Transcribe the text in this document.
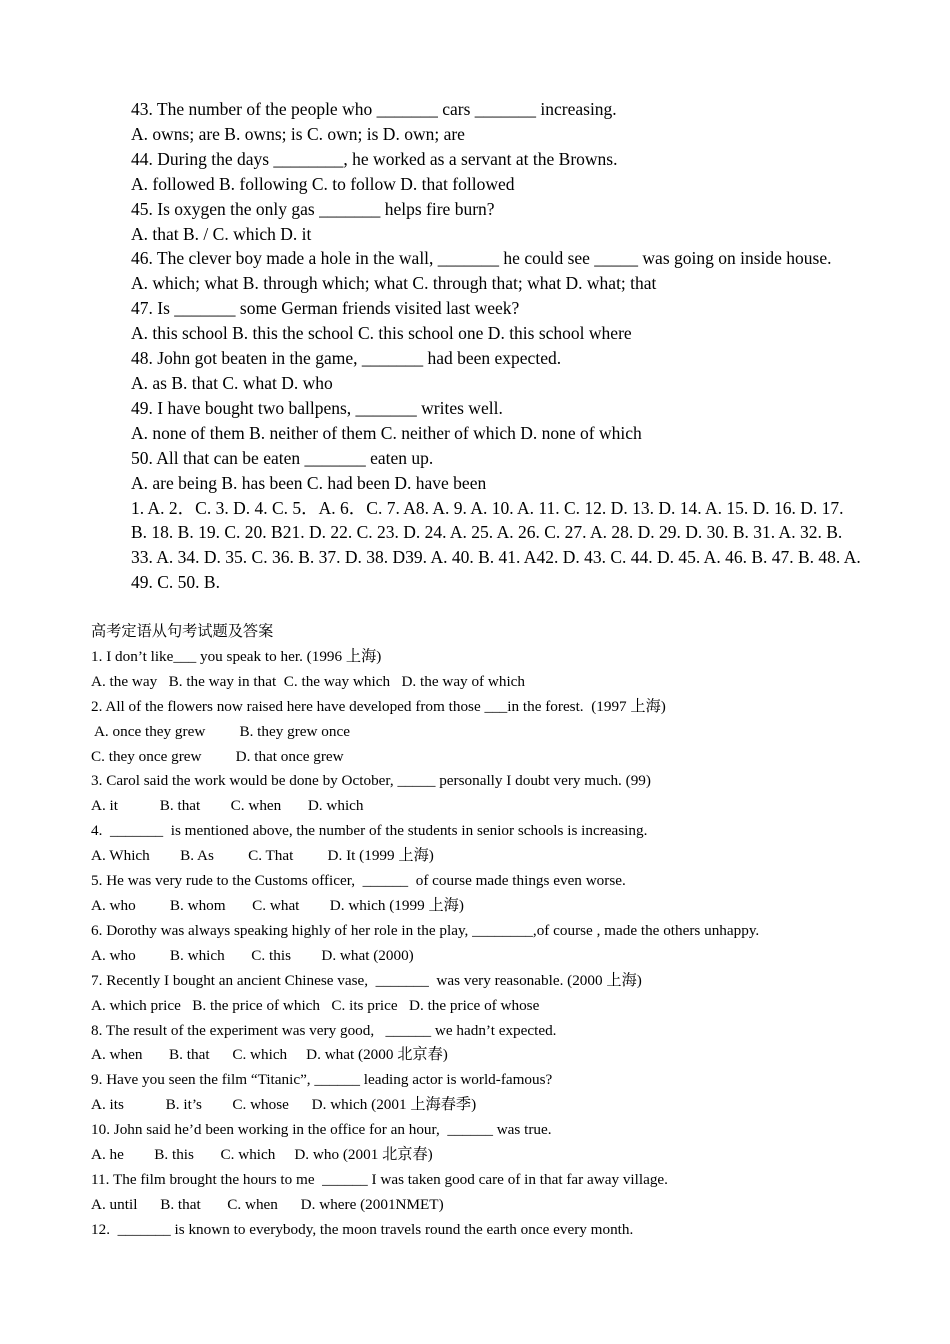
43. The number of the people who _______ cars _______ increasing.
A. owns; are B. owns; is C. own; is D. own; are
44. During the days ________, he worked as a servant at the Browns.
A. followed B. following C. to follow D. that followed
45. Is oxygen the only gas _______ helps fire burn?
A. that B. / C. which D. it
46. The clever boy made a hole in the wall, _______ he could see _____ was going on inside house.
A. which; what B. through which; what C. through that; what D. what; that
47. Is _______ some German friends visited last week?
A. this school B. this the school C. this school one D. this school where
48. John got beaten in the game, _______ had been expected.
A. as B. that C. what D. who
49. I have bought two ballpens, _______ writes well.
A. none of them B. neither of them C. neither of which D. none of which
50. All that can be eaten _______ eaten up.
A. are being B. has been C. had been D. have been
1. A. 2．C. 3. D. 4. C. 5．A. 6．C. 7. A8. A. 9. A. 10. A. 11. C. 12. D. 13. D. 14. A. 15. D. 16. D. 17. B. 18. B. 19. C. 20. B21. D. 22. C. 23. D. 24. A. 25. A. 26. C. 27. A. 28. D. 29. D. 30. B. 31. A. 32. B. 33. A. 34. D. 35. C. 36. B. 37. D. 38. D39. A. 40. B. 41. A42. D. 43. C. 44. D. 45. A. 46. B. 47. B. 48. A. 49. C. 50. B.
高考定语从句考试题及答案
1. I don’t like___ you speak to her. (1996 上海)
A. the way   B. the way in that  C. the way which   D. the way of which
2. All of the flowers now raised here have developed from those ___in the forest.  (1997 上海)
A. once they grew         B. they grew once
C. they once grew         D. that once grew
3. Carol said the work would be done by October, _____ personally I doubt very much. (99)
A. it           B. that        C. when       D. which
4.  _______  is mentioned above, the number of the students in senior schools is increasing.
A. Which        B. As         C. That         D. It (1999 上海)
5. He was very rude to the Customs officer,  ______  of course made things even worse.
A. who         B. whom       C. what        D. which (1999 上海)
6. Dorothy was always speaking highly of her role in the play, ________,of course , made the others unhappy.
A. who         B. which       C. this        D. what (2000)
7. Recently I bought an ancient Chinese vase,  _______  was very reasonable. (2000 上海)
A. which price   B. the price of which   C. its price   D. the price of whose
8. The result of the experiment was very good,   ______ we hadn’t expected.
A. when       B. that      C. which     D. what (2000 北京春)
9. Have you seen the film “Titanic”, ______ leading actor is world-famous?
A. its           B. it’s        C. whose      D. which (2001 上海春季)
10. John said he’d been working in the office for an hour,  ______ was true.
A. he        B. this       C. which     D. who (2001 北京春)
11. The film brought the hours to me  ______ I was taken good care of in that far away village.
A. until      B. that       C. when      D. where (2001NMET)
12.  _______ is known to everybody, the moon travels round the earth once every month.
